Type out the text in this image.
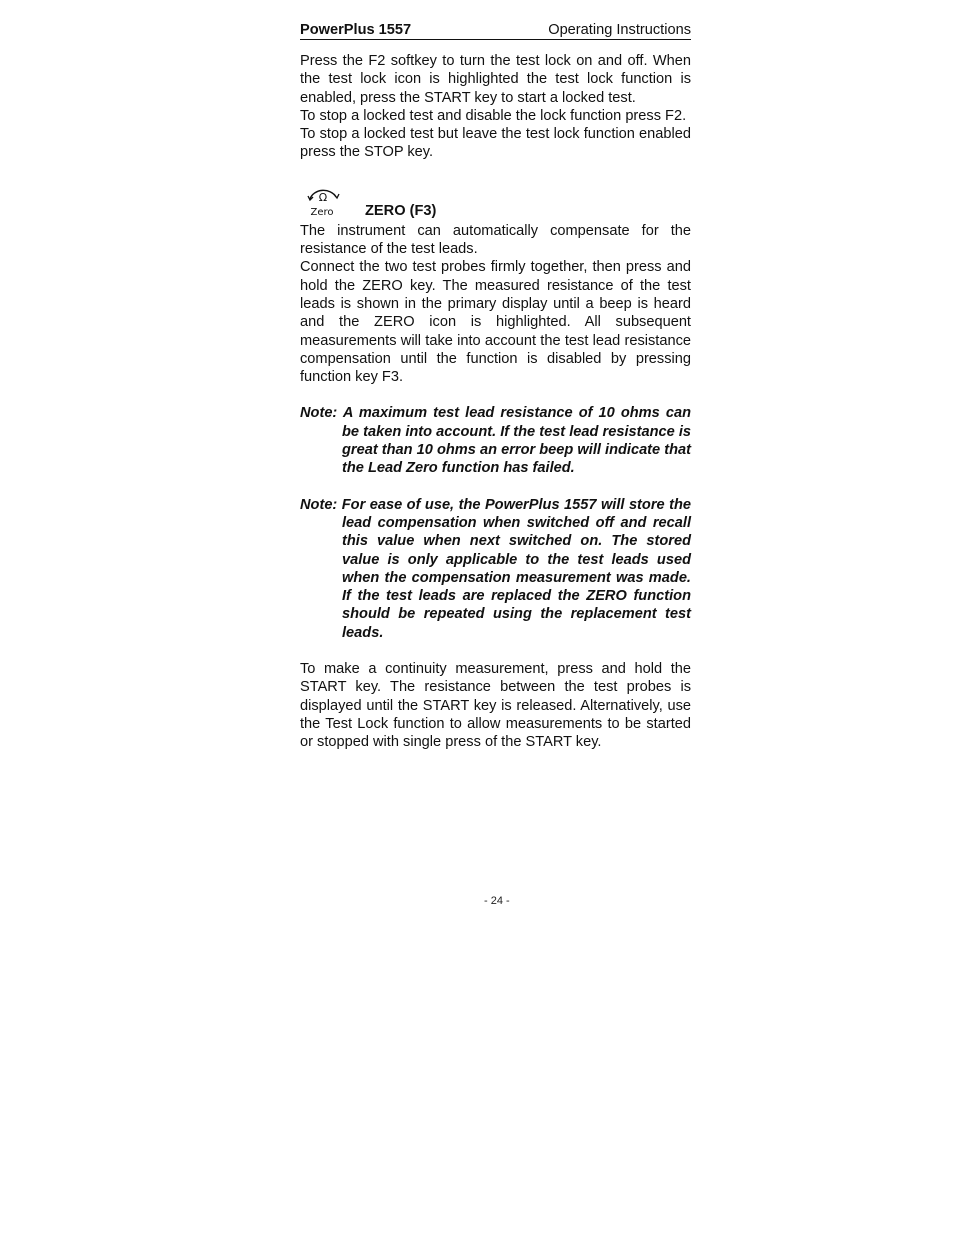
PowerPlus 1557	Operating Instructions

Press the F2 softkey to turn the test lock on and off. When the test lock icon is highlighted the test lock function is enabled, press the START key to start a locked test.

To stop a locked test and disable the lock function press F2.

To stop a locked test but leave the test lock function enabled press the STOP key.

Ω
Zero ZERO (F3)

The instrument can automatically compensate for the resistance of the test leads.

Connect the two test probes firmly together, then press and hold the ZERO key. The measured resistance of the test leads is shown in the primary display until a beep is heard and the ZERO icon is highlighted. All subsequent measurements will take into account the test lead resistance compensation until the function is disabled by pressing function key F3.

Note: A maximum test lead resistance of 10 ohms can be taken into account. If the test lead resistance is great than 10 ohms an error beep will indicate that the Lead Zero function has failed.

Note: For ease of use, the PowerPlus 1557 will store the lead compensation when switched off and recall this value when next switched on. The stored value is only applicable to the test leads used when the compensation measurement was made. If the test leads are replaced the ZERO function should be repeated using the replacement test leads.

To make a continuity measurement, press and hold the START key. The resistance between the test probes is displayed until the START key is released. Alternatively, use the Test Lock function to allow measurements to be started or stopped with single press of the START key.

- 24 -
